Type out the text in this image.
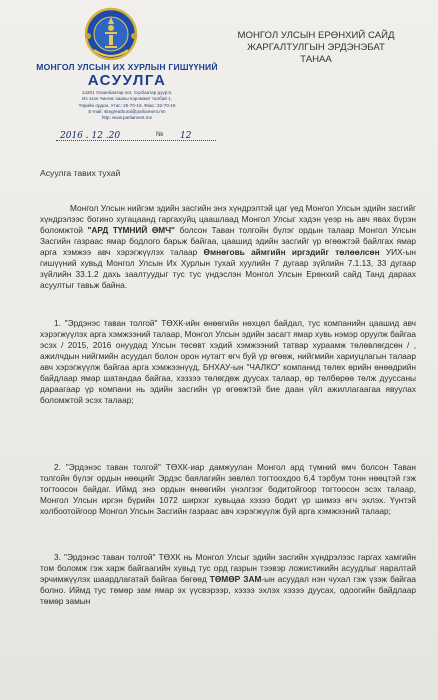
МОНГОЛ УЛСЫН ИХ ХУРЛЫН ГИШҮҮНИЙ
АСУУЛГА
14201 Улаанбаатар хот, Сүхбаатар дүүрэг,
Их эзэн Чингис хааны нэрэмжит талбай 1,
Төрийн ордон, Утас: 26-70-16, Факс: 32-70-16
E-mail: sitegreathural@parliament.mn
http: www.parliament.mn
2016 . 12 .20	№ 12
МОНГОЛ УЛСЫН ЕРӨНХИЙ САЙД
ЖАРГАЛТУЛГЫН ЭРДЭНЭБАТ
ТАНАА
Асуулга тавих тухай

Монгол Улсын нийгэм эдийн засгийн энэ хүндрэлтэй цаг үед Монгол Улсын эдийн засгийг хүндрэлээс богино хугацаанд гаргахуйц цаашлаад Монгол Улсыг хэдэн үеэр нь авч явах бүрэн боломжтой "АРД ТҮМНИЙ ӨМЧ" болсон Таван толгойн бүлэг ордын талаар Монгол Улсын Засгийн газраас ямар бодлого барьж байгаа, цаашид эдийн засгийг үр өгөөжтэй байлгах ямар арга хэмжээ авч хэрэгжүүлэх талаар Өмнөговь аймгийн иргэдийг төлөөлсөн УИХ-ын гишүүний хувьд Монгол Улсын Их Хурлын тухай хуулийн 7 дугаар зүйлийн 7.1.13, 33 дугаар зүйлийн 33.1.2 дахь заалтуудыг тус тус үндэслэн Монгол Улсын Ерөнхий сайд Танд дараах асуултыг тавьж байна.

1. "Эрдэнэс таван толгой" ТӨХК-ийн өнөөгийн нөхцөл байдал, тус компанийн цаашид авч хэрэгжүүлэх арга хэмжээний талаар, Монгол Улсын эдийн засагт ямар хувь нэмэр оруулж байгаа эсэх / 2015, 2016 онуудад Улсын төсөвт хэдий хэмжээний татвар хураамж төлөвлөгдсөн / , ажилчдын нийгмийн асуудал болон орон нутагт өгч буй үр өгөөж, нийгмийн хариуцлагын талаар авч хэрэгжүүлж байгаа арга хэмжээнүүд, БНХАУ-ын "ЧАЛКО" компанид төлөх өрийн өнөөдрийн байдлаар ямар шатандаа байгаа, хэззээ төлөгдөж дуусах талаар, өр төлбөрөө төлж дууссаны дараагаар үр компани нь эдийн засгийн үр өгөөжтэй бие даан үйл ажиллагаагаа явуулах боломжтой эсэх талаар;

2. "Эрдэнэс таван толгой" ТӨХК-иар дамжуулан Монгол ард түмний өмч болсон Таван толгойн бүлэг ордын нөөцийг Эрдэс баялагийн зөвлөл тогтоохдоо 6,4 тэрбум тонн нөөцтэй гэж тогтоосон байдаг. Иймд энэ ордын өнөөгийн үнэлгээг бодитойгоор тогтоосон эсэх талаар, Монгол Улсын иргэн бүрийн 1072 ширхэг хувьцаа хэзээ бодит үр шимээ өгч эхлэх. Үүнтэй холбоотойгоор Монгол Улсын Засгийн газраас авч хэрэгжүүлж буй арга хэмжээний талаар;

3. "Эрдэнэс таван толгой" ТӨХК нь Монгол Улсыг эдийн засгийн хүндрэлээс гаргах хамгийн том боломж гэж харж байгаагийн хувьд тус орд газрын тээвэр ложистикийн асуудлыг яаралтай эрчимжүүлэх шаардлагатай байгаа бөгөөд ТӨМӨР ЗАМ-ын асуудал нэн чухал гэж үзэж байгаа болно. Иймд тус төмөр зам ямар эх үүсвэрээр, хэзээ эхлэх хэзээ дуусах, одоогийн байдлаар төмөр замын
